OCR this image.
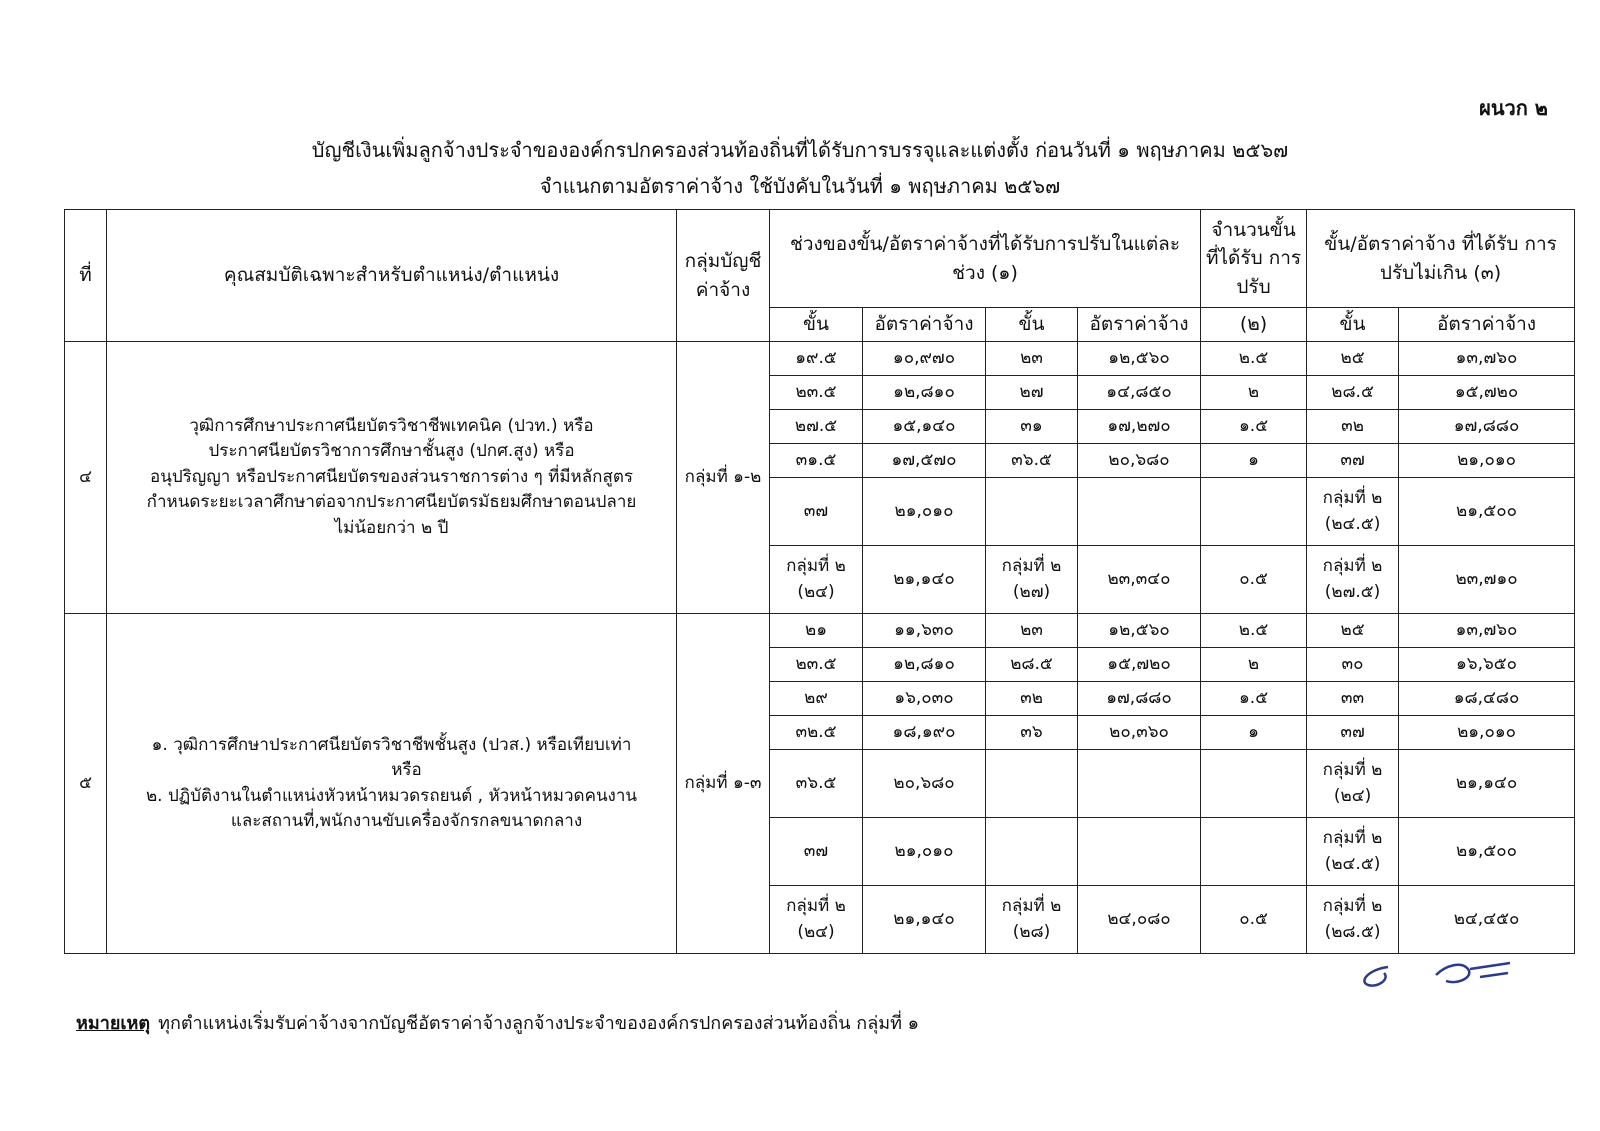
ผนวก ๒
บัญชีเงินเพิ่มลูกจ้างประจำขององค์กรปกครองส่วนท้องถิ่นที่ได้รับการบรรจุและแต่งตั้ง ก่อนวันที่ ๑ พฤษภาคม ๒๕๖๗
จำแนกตามอัตราค่าจ้าง ใช้บังคับในวันที่ ๑ พฤษภาคม ๒๕๖๗
ที่	คุณสมบัติเฉพาะสำหรับตำแหน่ง/ตำแหน่ง	กลุ่มบัญชี ค่าจ้าง	ช่วงของขั้น/อัตราค่าจ้างที่ได้รับการปรับในแต่ละช่วง (๑)				จำนวนขั้น ที่ได้รับ การปรับ	ขั้น/อัตราค่าจ้าง ที่ได้รับ การปรับไม่เกิน (๓)	
			ขั้น	อัตราค่าจ้าง	ขั้น	อัตราค่าจ้าง	(๒)	ขั้น	อัตราค่าจ้าง
๔	วุฒิการศึกษาประกาศนียบัตรวิชาชีพเทคนิค (ปวท.) หรือ
ประกาศนียบัตรวิชาการศึกษาชั้นสูง (ปกศ.สูง) หรือ
อนุปริญญา หรือประกาศนียบัตรของส่วนราชการต่าง ๆ ที่มีหลักสูตร
กำหนดระยะเวลาศึกษาต่อจากประกาศนียบัตรมัธยมศึกษาตอนปลาย
ไม่น้อยกว่า ๒ ปี	กลุ่มที่ ๑-๒	๑๙.๕	๑๐,๙๗๐	๒๓	๑๒,๕๖๐	๒.๕	๒๕	๑๓,๗๖๐
			๒๓.๕	๑๒,๘๑๐	๒๗	๑๔,๘๕๐	๒	๒๘.๕	๑๕,๗๒๐
			๒๗.๕	๑๕,๑๔๐	๓๑	๑๗,๒๗๐	๑.๕	๓๒	๑๗,๘๘๐
			๓๑.๕	๑๗,๕๗๐	๓๖.๕	๒๐,๖๘๐	๑	๓๗	๒๑,๐๑๐
			๓๗	๒๑,๐๑๐				กลุ่มที่ ๒ (๒๔.๕)	๒๑,๕๐๐
			กลุ่มที่ ๒ (๒๔)	๒๑,๑๔๐	กลุ่มที่ ๒ (๒๗)	๒๓,๓๔๐	๐.๕	กลุ่มที่ ๒ (๒๗.๕)	๒๓,๗๑๐
๕	๑. วุฒิการศึกษาประกาศนียบัตรวิชาชีพชั้นสูง (ปวส.) หรือเทียบเท่า
หรือ
๒. ปฏิบัติงานในตำแหน่งหัวหน้าหมวดรถยนต์ , หัวหน้าหมวดคนงาน
และสถานที่,พนักงานขับเครื่องจักรกลขนาดกลาง	กลุ่มที่ ๑-๓	๒๑	๑๑,๖๓๐	๒๓	๑๒,๕๖๐	๒.๕	๒๕	๑๓,๗๖๐
			๒๓.๕	๑๒,๘๑๐	๒๘.๕	๑๕,๗๒๐	๒	๓๐	๑๖,๖๕๐
			๒๙	๑๖,๐๓๐	๓๒	๑๗,๘๘๐	๑.๕	๓๓	๑๘,๔๘๐
			๓๒.๕	๑๘,๑๙๐	๓๖	๒๐,๓๖๐	๑	๓๗	๒๑,๐๑๐
			๓๖.๕	๒๐,๖๘๐				กลุ่มที่ ๒ (๒๔)	๒๑,๑๔๐
			๓๗	๒๑,๐๑๐				กลุ่มที่ ๒ (๒๔.๕)	๒๑,๕๐๐
			กลุ่มที่ ๒ (๒๔)	๒๑,๑๔๐	กลุ่มที่ ๒ (๒๘)	๒๔,๐๘๐	๐.๕	กลุ่มที่ ๒ (๒๘.๕)	๒๔,๔๕๐
หมายเหตุ ทุกตำแหน่งเริ่มรับค่าจ้างจากบัญชีอัตราค่าจ้างลูกจ้างประจำขององค์กรปกครองส่วนท้องถิ่น กลุ่มที่ ๑
